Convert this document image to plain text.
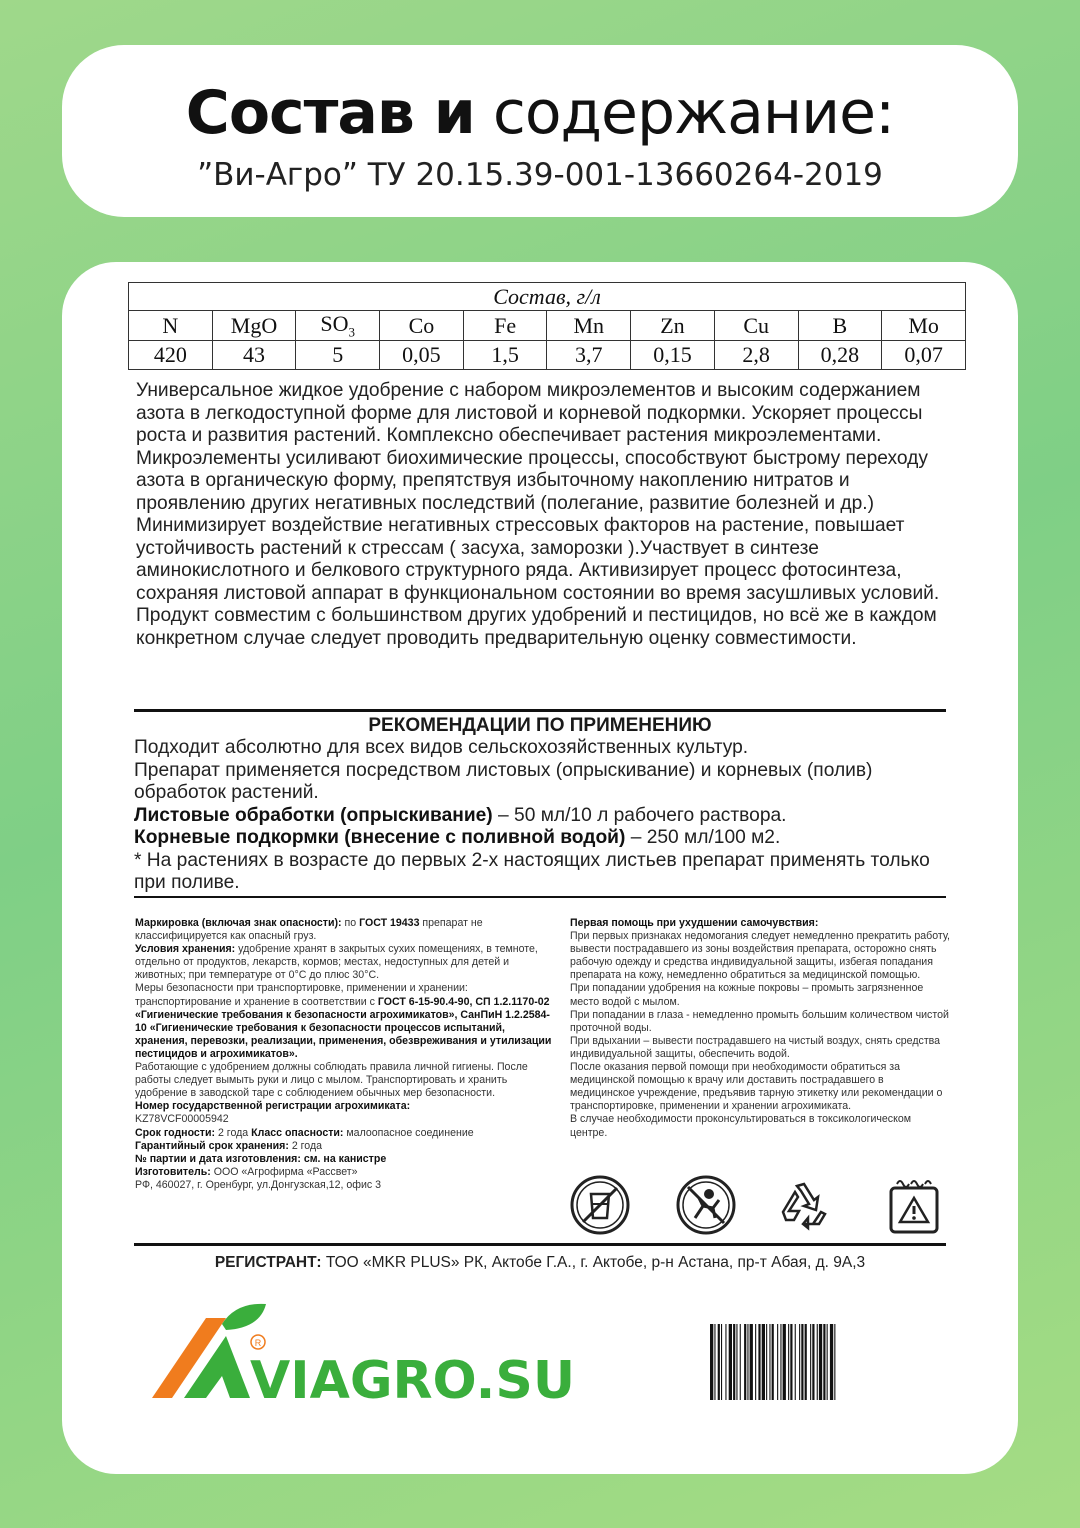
Состав и содержание:
”Ви-Агро” ТУ 20.15.39-001-13660264-2019
Состав, г/л									
N	MgO	$SO_3$	Co	Fe	Mn	Zn	Cu	B	Mo
420	43	5	0,05	1,5	3,7	0,15	2,8	0,28	0,07
Универсальное жидкое удобрение с набором микроэлементов и высоким содержанием азота в легкодоступной форме для листовой и корневой подкормки. Ускоряет процессы роста и развития растений. Комплексно обеспечивает растения микроэлементами. Микроэлементы усиливают биохимические процессы, способствуют быстрому переходу азота в органическую форму, препятствуя избыточному накоплению нитратов и проявлению других негативных последствий (полегание, развитие болезней и др.) Минимизирует воздействие негативных стрессовых факторов на растение, повышает устойчивость растений к стрессам ( засуха, заморозки ).Участвует в синтезе аминокислотного и белкового структурного ряда. Активизирует процесс фотосинтеза, сохраняя листовой аппарат в функциональном состоянии во время засушливых условий. Продукт совместим с большинством других удобрений и пестицидов, но всё же в каждом конкретном случае следует проводить предварительную оценку совместимости.
РЕКОМЕНДАЦИИ ПО ПРИМЕНЕНИЮ
Подходит абсолютно для всех видов сельскохозяйственных культур.
Препарат применяется посредством листовых (опрыскивание) и корневых (полив) обработок растений.
Листовые обработки (опрыскивание) – 50 мл/10 л рабочего раствора.
Корневые подкормки (внесение с поливной водой) – 250 мл/100 м2.
* На растениях в возрасте до первых 2-х настоящих листьев препарат применять только при поливе.
Маркировка (включая знак опасности): по ГОСТ 19433 препарат не классифицируется как опасный груз.
Условия хранения: удобрение хранят в закрытых сухих помещениях, в темноте, отдельно от продуктов, лекарств, кормов; местах, недоступных для детей и животных; при температуре от 0°С до плюс 30°С.
Меры безопасности при транспортировке, применении и хранении: транспортирование и хранение в соответствии с ГОСТ 6-15-90.4-90, СП 1.2.1170-02 «Гигиенические требования к безопасности агрохимикатов», СанПиН 1.2.2584-10 «Гигиенические требования к безопасности процессов испытаний, хранения, перевозки, реализации, применения, обезвреживания и утилизации пестицидов и агрохимикатов».
Работающие с удобрением должны соблюдать правила личной гигиены. После работы следует вымыть руки и лицо с мылом. Транспортировать и хранить удобрение в заводской таре с соблюдением обычных мер безопасности.
Номер государственной регистрации агрохимиката:
KZ78VCF00005942
Срок годности: 2 года Класс опасности: малоопасное соединение
Гарантийный срок хранения: 2 года
№ партии и дата изготовления: см. на канистре
Изготовитель: ООО «Агрофирма «Рассвет»
РФ, 460027, г. Оренбург, ул.Донгузская,12, офис 3
Первая помощь при ухудшении самочувствия:
При первых признаках недомогания следует немедленно прекратить работу, вывести пострадавшего из зоны воздействия препарата, осторожно снять рабочую одежду и средства индивидуальной защиты, избегая попадания препарата на кожу, немедленно обратиться за медицинской помощью.
При попадании удобрения на кожные покровы – промыть загрязненное место водой с мылом.
При попадании в глаза - немедленно промыть большим количеством чистой проточной воды.
При вдыхании – вывести пострадавшего на чистый воздух, снять средства индивидуальной защиты, обеспечить водой.
После оказания первой помощи при необходимости обратиться за медицинской помощью к врачу или доставить пострадавшего в медицинское учреждение, предъявив тарную этикетку или рекомендации о транспортировке, применении и хранении агрохимиката.
В случае необходимости проконсультироваться в токсикологическом центре.
РЕГИСТРАНТ: ТОО «MKR PLUS» РК, Актобе Г.А., г. Актобе, р-н Астана, пр-т Абая, д. 9А,3
R
VIAGRO.SU
